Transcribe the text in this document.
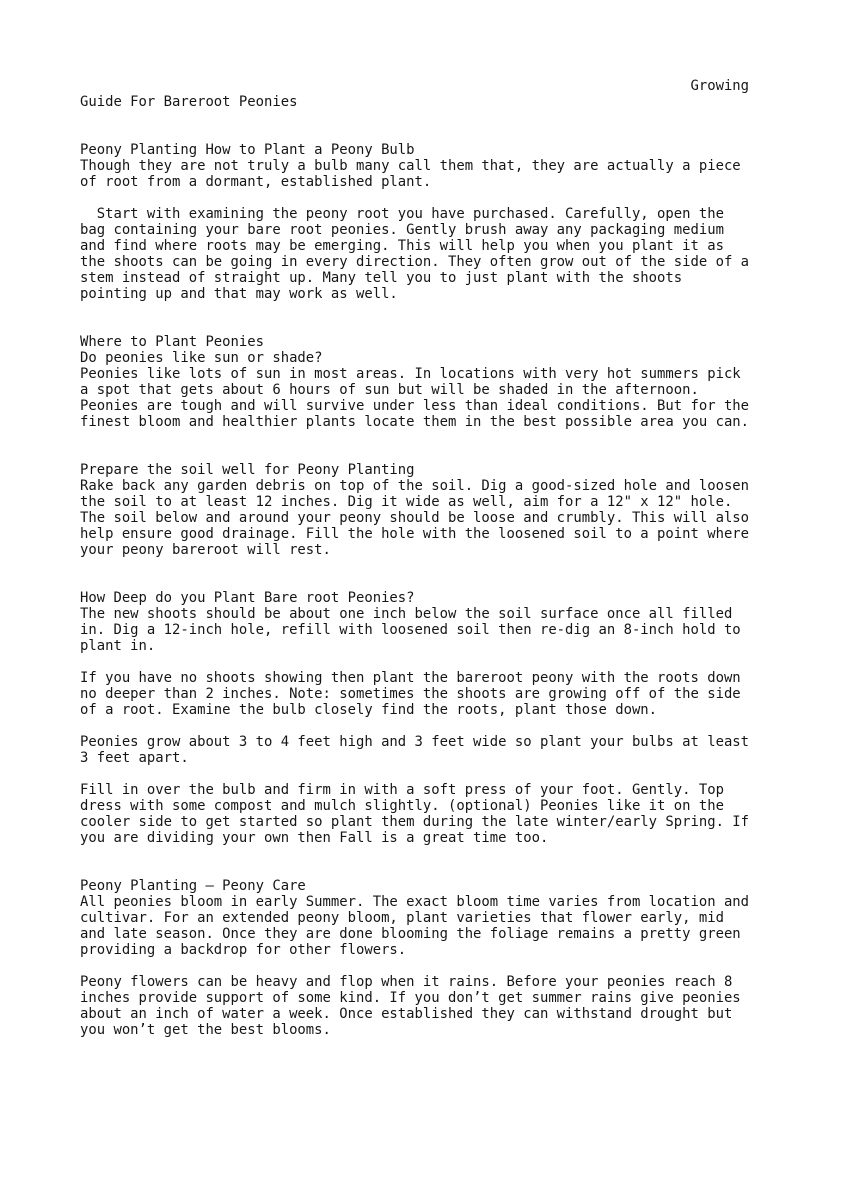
Growing
Guide For Bareroot Peonies
Peony Planting How to Plant a Peony Bulb
Though they are not truly a bulb many call them that, they are actually a piece
of root from a dormant, established plant.
Start with examining the peony root you have purchased. Carefully, open the
bag containing your bare root peonies. Gently brush away any packaging medium
and find where roots may be emerging. This will help you when you plant it as
the shoots can be going in every direction. They often grow out of the side of a
stem instead of straight up. Many tell you to just plant with the shoots
pointing up and that may work as well.
Where to Plant Peonies
Do peonies like sun or shade?
Peonies like lots of sun in most areas. In locations with very hot summers pick
a spot that gets about 6 hours of sun but will be shaded in the afternoon.
Peonies are tough and will survive under less than ideal conditions. But for the
finest bloom and healthier plants locate them in the best possible area you can.
Prepare the soil well for Peony Planting
Rake back any garden debris on top of the soil. Dig a good-sized hole and loosen
the soil to at least 12 inches. Dig it wide as well, aim for a 12" x 12" hole.
The soil below and around your peony should be loose and crumbly. This will also
help ensure good drainage. Fill the hole with the loosened soil to a point where
your peony bareroot will rest.
How Deep do you Plant Bare root Peonies?
The new shoots should be about one inch below the soil surface once all filled
in. Dig a 12-inch hole, refill with loosened soil then re-dig an 8-inch hold to
plant in.
If you have no shoots showing then plant the bareroot peony with the roots down
no deeper than 2 inches. Note: sometimes the shoots are growing off of the side
of a root. Examine the bulb closely find the roots, plant those down.
Peonies grow about 3 to 4 feet high and 3 feet wide so plant your bulbs at least
3 feet apart.
Fill in over the bulb and firm in with a soft press of your foot. Gently. Top
dress with some compost and mulch slightly. (optional) Peonies like it on the
cooler side to get started so plant them during the late winter/early Spring. If
you are dividing your own then Fall is a great time too.
Peony Planting – Peony Care
All peonies bloom in early Summer. The exact bloom time varies from location and
cultivar. For an extended peony bloom, plant varieties that flower early, mid
and late season. Once they are done blooming the foliage remains a pretty green
providing a backdrop for other flowers.
Peony flowers can be heavy and flop when it rains. Before your peonies reach 8
inches provide support of some kind. If you don’t get summer rains give peonies
about an inch of water a week. Once established they can withstand drought but
you won’t get the best blooms.
